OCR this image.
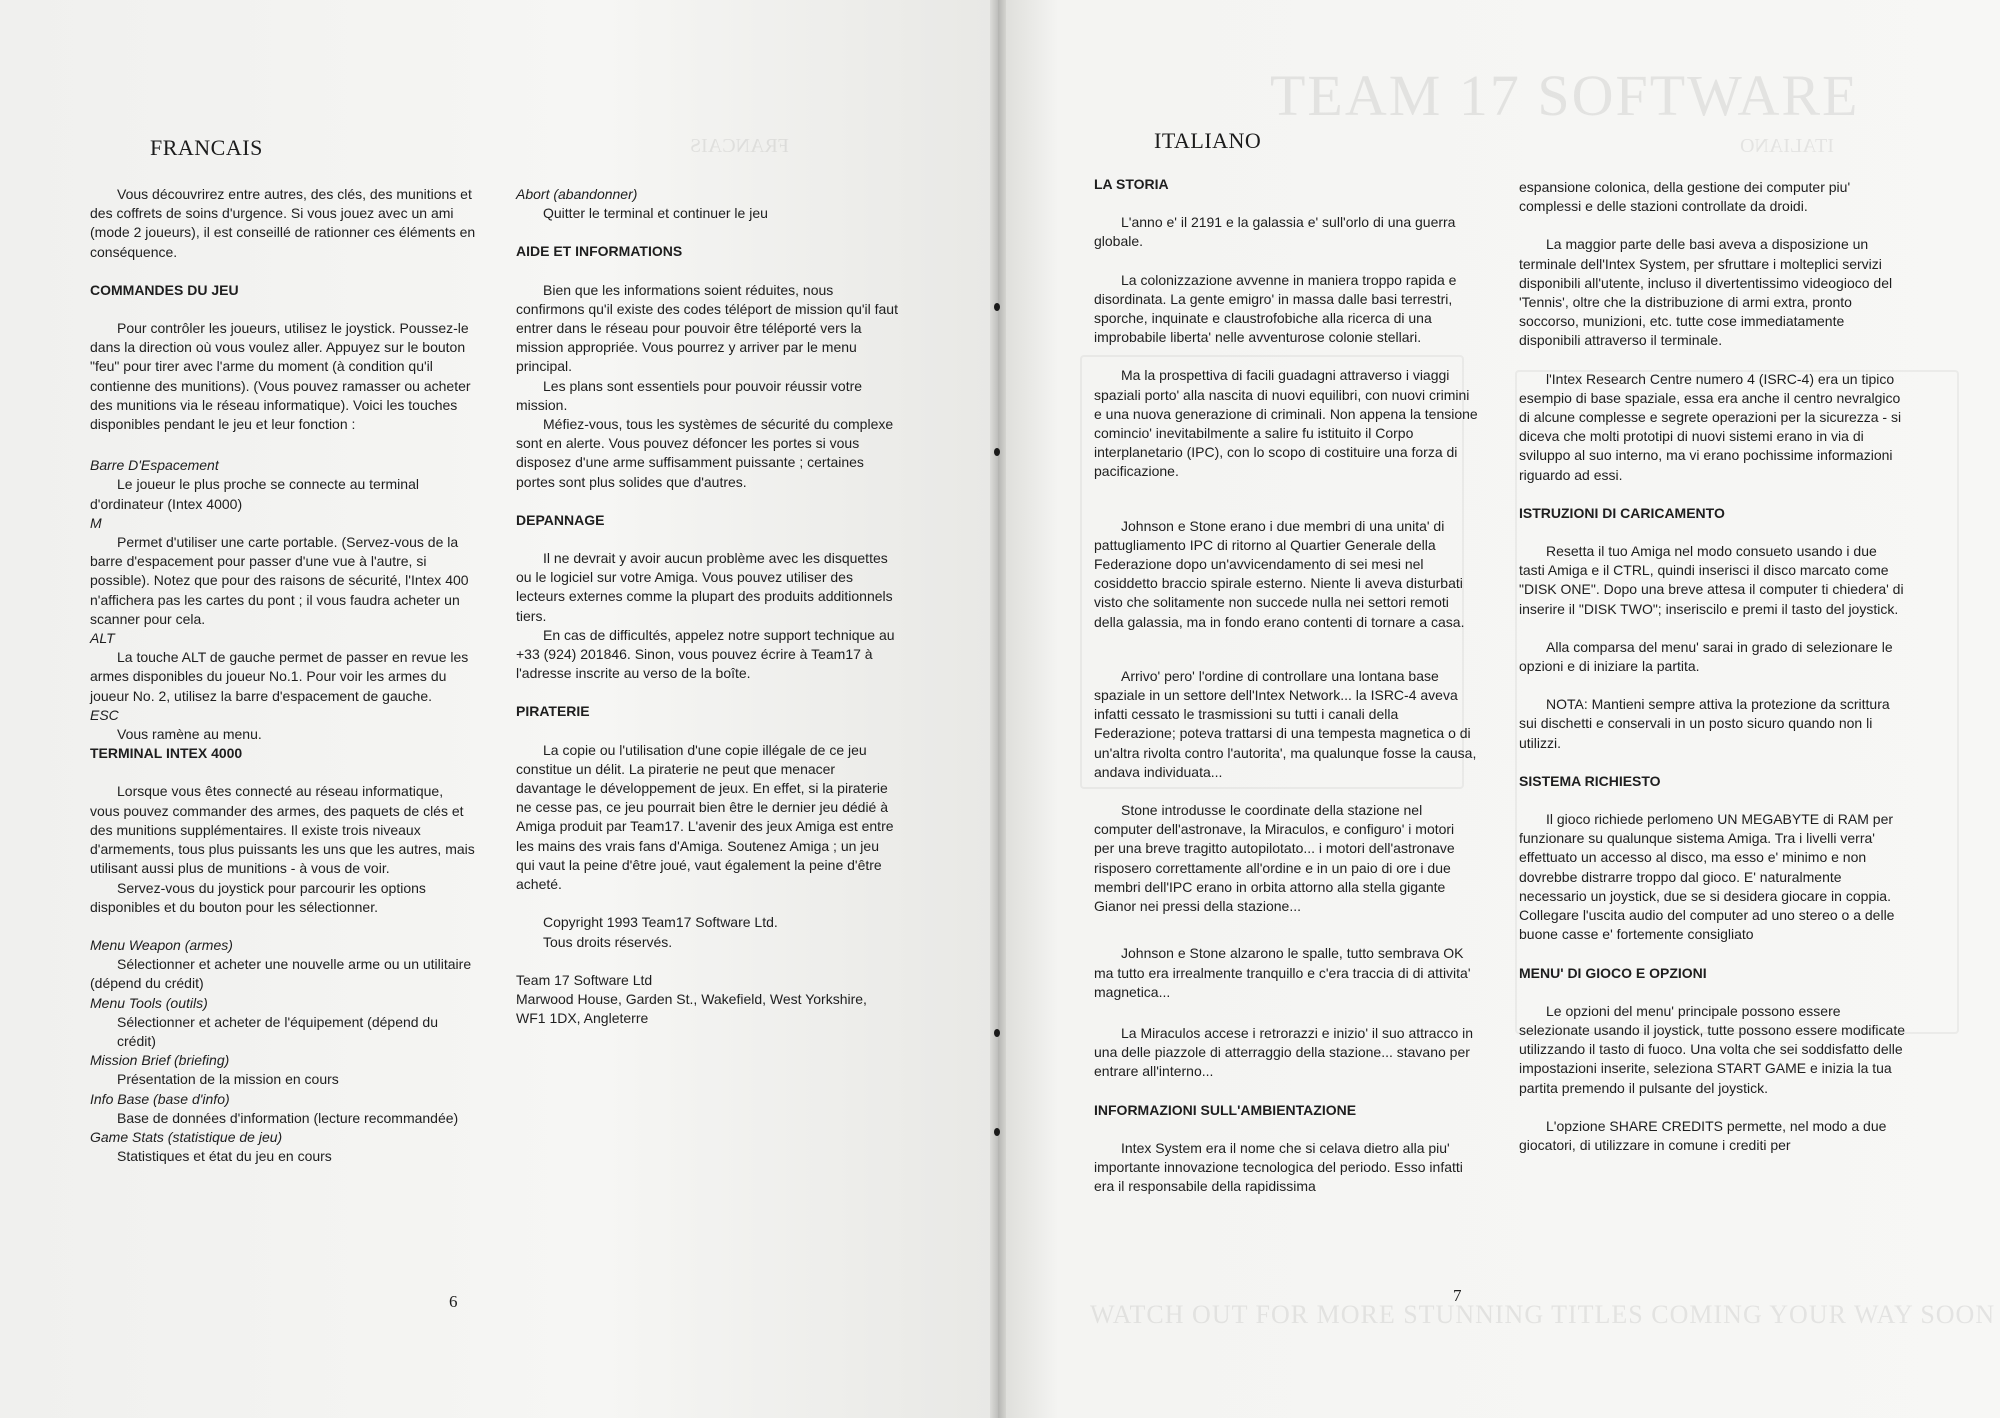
TEAM 17 SOFTWARE
WATCH OUT FOR MORE STUNNING TITLES COMING YOUR WAY SOON
FRANCAIS	ITALIANO
FRANCAIS

Vous découvrirez entre autres, des clés, des munitions et des coffrets de soins d'urgence. Si vous jouez avec un ami (mode 2 joueurs), il est conseillé de rationner ces éléments en conséquence.

COMMANDES DU JEU

Pour contrôler les joueurs, utilisez le joystick. Poussez-le dans la direction où vous voulez aller. Appuyez sur le bouton "feu" pour tirer avec l'arme du moment (à condition qu'il contienne des munitions). (Vous pouvez ramasser ou acheter des munitions via le réseau informatique). Voici les touches disponibles pendant le jeu et leur fonction :

Barre D'Espacement

Le joueur le plus proche se connecte au terminal d'ordinateur (Intex 4000)

M

Permet d'utiliser une carte portable. (Servez-vous de la barre d'espacement pour passer d'une vue à l'autre, si possible). Notez que pour des raisons de sécurité, l'Intex 400 n'affichera pas les cartes du pont ; il vous faudra acheter un scanner pour cela.

ALT

La touche ALT de gauche permet de passer en revue les armes disponibles du joueur No.1. Pour voir les armes du joueur No. 2, utilisez la barre d'espacement de gauche.

ESC

Vous ramène au menu.

TERMINAL INTEX 4000

Lorsque vous êtes connecté au réseau informatique, vous pouvez commander des armes, des paquets de clés et des munitions supplémentaires. Il existe trois niveaux d'armements, tous plus puissants les uns que les autres, mais utilisant aussi plus de munitions - à vous de voir.

Servez-vous du joystick pour parcourir les options disponibles et du bouton pour les sélectionner.

Menu Weapon (armes)

Sélectionner et acheter une nouvelle arme ou un utilitaire (dépend du crédit)

Menu Tools (outils)

Sélectionner et acheter de l'équipement (dépend du crédit)

Mission Brief (briefing)

Présentation de la mission en cours

Info Base (base d'info)

Base de données d'information (lecture recommandée)

Game Stats (statistique de jeu)

Statistiques et état du jeu en cours

Abort (abandonner)

Quitter le terminal et continuer le jeu

AIDE ET INFORMATIONS

Bien que les informations soient réduites, nous confirmons qu'il existe des codes téléport de mission qu'il faut entrer dans le réseau pour pouvoir être téléporté vers la mission appropriée. Vous pourrez y arriver par le menu principal.

Les plans sont essentiels pour pouvoir réussir votre mission.

Méfiez-vous, tous les systèmes de sécurité du complexe sont en alerte. Vous pouvez défoncer les portes si vous disposez d'une arme suffisamment puissante ; certaines portes sont plus solides que d'autres.

DEPANNAGE

Il ne devrait y avoir aucun problème avec les disquettes ou le logiciel sur votre Amiga. Vous pouvez utiliser des lecteurs externes comme la plupart des produits additionnels tiers.

En cas de difficultés, appelez notre support technique au +33 (924) 201846. Sinon, vous pouvez écrire à Team17 à l'adresse inscrite au verso de la boîte.

PIRATERIE

La copie ou l'utilisation d'une copie illégale de ce jeu constitue un délit. La piraterie ne peut que menacer davantage le développement de jeux. En effet, si la piraterie ne cesse pas, ce jeu pourrait bien être le dernier jeu dédié à Amiga produit par Team17. L'avenir des jeux Amiga est entre les mains des vrais fans d'Amiga. Soutenez Amiga ; un jeu qui vaut la peine d'être joué, vaut également la peine d'être acheté.

Copyright 1993 Team17 Software Ltd.

Tous droits réservés.

Team 17 Software Ltd
Marwood House, Garden St., Wakefield, West Yorkshire, WF1 1DX, Angleterre

6
ITALIANO

LA STORIA

L'anno e' il 2191 e la galassia e' sull'orlo di una guerra globale.

La colonizzazione avvenne in maniera troppo rapida e disordinata. La gente emigro' in massa dalle basi terrestri, sporche, inquinate e claustrofobiche alla ricerca di una improbabile liberta' nelle avventurose colonie stellari.

Ma la prospettiva di facili guadagni attraverso i viaggi spaziali porto' alla nascita di nuovi equilibri, con nuovi crimini e una nuova generazione di criminali. Non appena la tensione comincio' inevitabilmente a salire fu istituito il Corpo interplanetario (IPC), con lo scopo di costituire una forza di pacificazione.

Johnson e Stone erano i due membri di una unita' di pattugliamento IPC di ritorno al Quartier Generale della Federazione dopo un'avvicendamento di sei mesi nel cosiddetto braccio spirale esterno. Niente li aveva disturbati visto che solitamente non succede nulla nei settori remoti della galassia, ma in fondo erano contenti di tornare a casa.

Arrivo' pero' l'ordine di controllare una lontana base spaziale in un settore dell'Intex Network... la ISRC-4 aveva infatti cessato le trasmissioni su tutti i canali della Federazione; poteva trattarsi di una tempesta magnetica o di un'altra rivolta contro l'autorita', ma qualunque fosse la causa, andava individuata...

Stone introdusse le coordinate della stazione nel computer dell'astronave, la Miraculos, e configuro' i motori per una breve tragitto autopilotato... i motori dell'astronave risposero correttamente all'ordine e in un paio di ore i due membri dell'IPC erano in orbita attorno alla stella gigante Gianor nei pressi della stazione...

Johnson e Stone alzarono le spalle, tutto sembrava OK ma tutto era irrealmente tranquillo e c'era traccia di di attivita' magnetica...

La Miraculos accese i retrorazzi e inizio' il suo attracco in una delle piazzole di atterraggio della stazione... stavano per entrare all'interno...

INFORMAZIONI SULL'AMBIENTAZIONE

Intex System era il nome che si celava dietro alla piu' importante innovazione tecnologica del periodo. Esso infatti era il responsabile della rapidissima

espansione colonica, della gestione dei computer piu' complessi e delle stazioni controllate da droidi.

La maggior parte delle basi aveva a disposizione un terminale dell'Intex System, per sfruttare i molteplici servizi disponibili all'utente, incluso il divertentissimo videogioco del 'Tennis', oltre che la distribuzione di armi extra, pronto soccorso, munizioni, etc. tutte cose immediatamente disponibili attraverso il terminale.

l'Intex Research Centre numero 4 (ISRC-4) era un tipico esempio di base spaziale, essa era anche il centro nevralgico di alcune complesse e segrete operazioni per la sicurezza - si diceva che molti prototipi di nuovi sistemi erano in via di sviluppo al suo interno, ma vi erano pochissime informazioni riguardo ad essi.

ISTRUZIONI DI CARICAMENTO

Resetta il tuo Amiga nel modo consueto usando i due tasti Amiga e il CTRL, quindi inserisci il disco marcato come "DISK ONE". Dopo una breve attesa il computer ti chiedera' di inserire il "DISK TWO"; inseriscilo e premi il tasto del joystick.

Alla comparsa del menu' sarai in grado di selezionare le opzioni e di iniziare la partita.

NOTA: Mantieni sempre attiva la protezione da scrittura sui dischetti e conservali in un posto sicuro quando non li utilizzi.

SISTEMA RICHIESTO

Il gioco richiede perlomeno UN MEGABYTE di RAM per funzionare su qualunque sistema Amiga. Tra i livelli verra' effettuato un accesso al disco, ma esso e' minimo e non dovrebbe distrarre troppo dal gioco. E' naturalmente necessario un joystick, due se si desidera giocare in coppia. Collegare l'uscita audio del computer ad uno stereo o a delle buone casse e' fortemente consigliato

MENU' DI GIOCO E OPZIONI

Le opzioni del menu' principale possono essere selezionate usando il joystick, tutte possono essere modificate utilizzando il tasto di fuoco. Una volta che sei soddisfatto delle impostazioni inserite, seleziona START GAME e inizia la tua partita premendo il pulsante del joystick.

L'opzione SHARE CREDITS permette, nel modo a due giocatori, di utilizzare in comune i crediti per

7
